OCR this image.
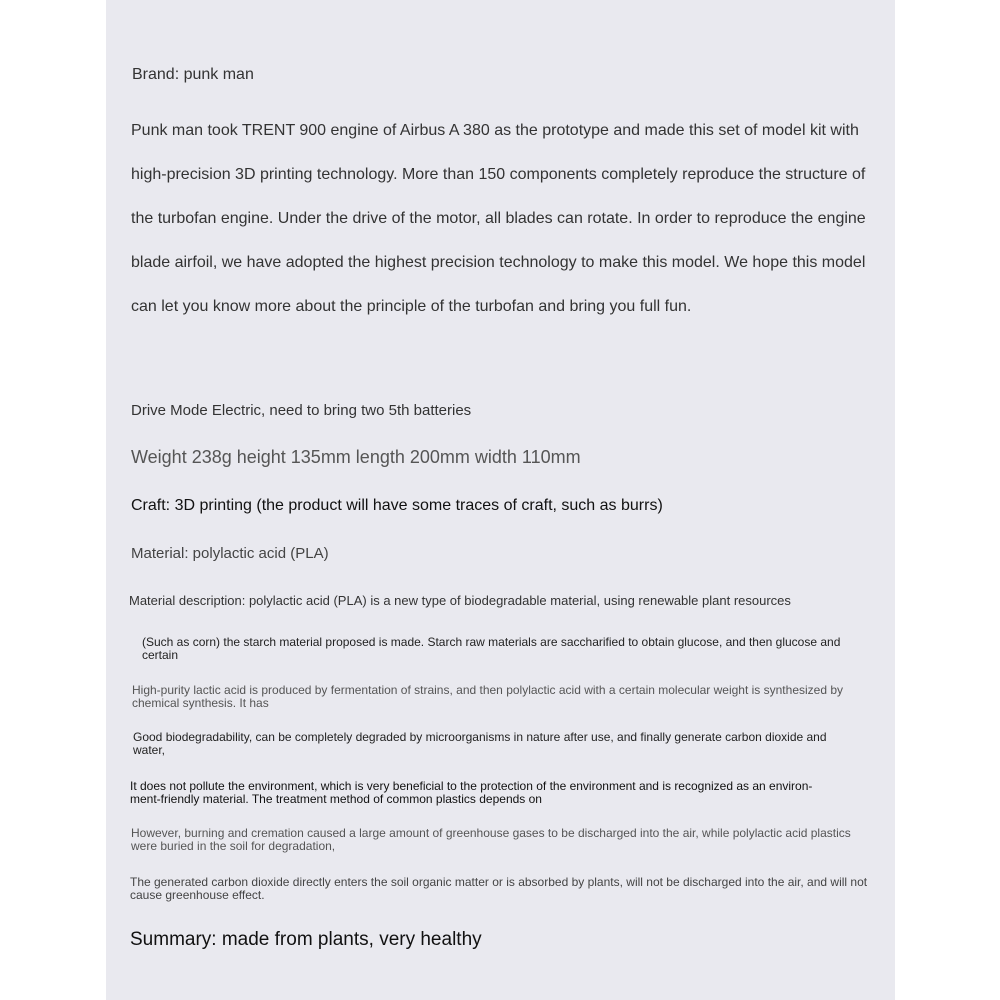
Brand: punk man

Punk man took TRENT 900 engine of Airbus A 380 as the prototype and made this set of model kit with high-precision 3D printing technology. More than 150 components completely reproduce the structure of the turbofan engine. Under the drive of the motor, all blades can rotate. In order to reproduce the engine blade airfoil, we have adopted the highest precision technology to make this model. We hope this model can let you know more about the principle of the turbofan and bring you full fun.

Drive Mode Electric, need to bring two 5th batteries

Weight 238g height 135mm length 200mm width 110mm

Craft: 3D printing (the product will have some traces of craft, such as burrs)

Material: polylactic acid (PLA)

Material description: polylactic acid (PLA) is a new type of biodegradable material, using renewable plant resources

(Such as corn) the starch material proposed is made. Starch raw materials are saccharified to obtain glucose, and then glucose and certain

High-purity lactic acid is produced by fermentation of strains, and then polylactic acid with a certain molecular weight is synthesized by chemical synthesis. It has

Good biodegradability, can be completely degraded by microorganisms in nature after use, and finally generate carbon dioxide and water,

It does not pollute the environment, which is very beneficial to the protection of the environment and is recognized as an environ-ment-friendly material. The treatment method of common plastics depends on

However, burning and cremation caused a large amount of greenhouse gases to be discharged into the air, while polylactic acid plastics were buried in the soil for degradation,

The generated carbon dioxide directly enters the soil organic matter or is absorbed by plants, will not be discharged into the air, and will not cause greenhouse effect.

Summary: made from plants, very healthy
